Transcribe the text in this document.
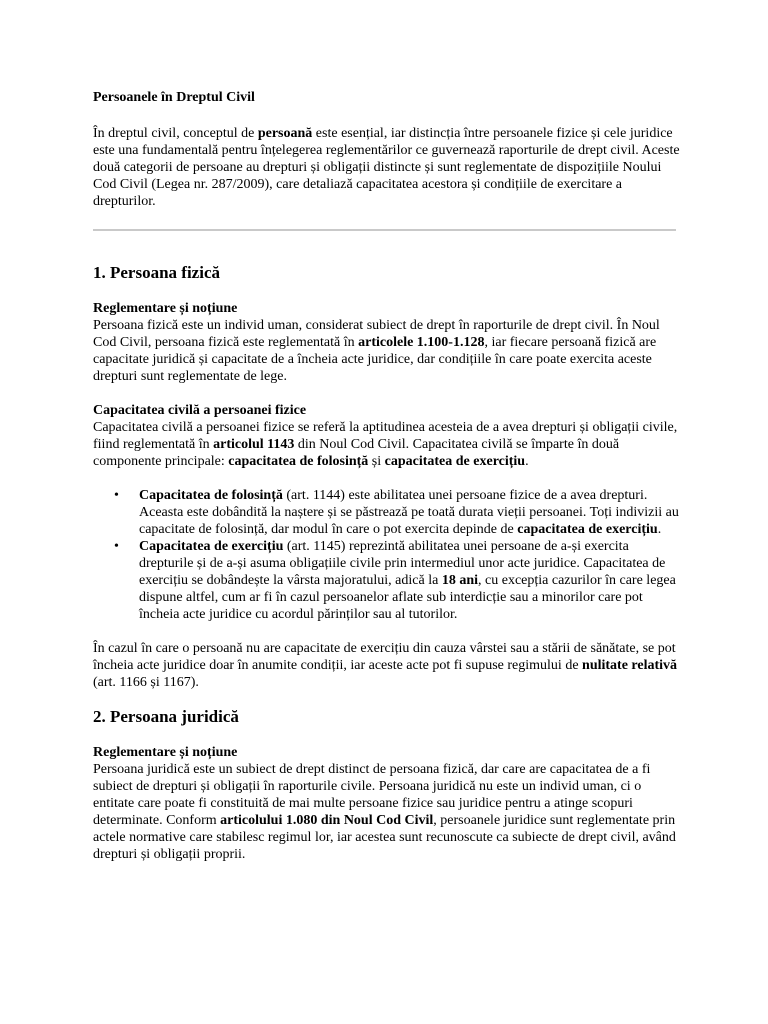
Persoanele în Dreptul Civil

În dreptul civil, conceptul de persoană este esențial, iar distincția între persoanele fizice și cele juridice este una fundamentală pentru înțelegerea reglementărilor ce guvernează raporturile de drept civil. Aceste două categorii de persoane au drepturi și obligații distincte și sunt reglementate de dispozițiile Noului Cod Civil (Legea nr. 287/2009), care detaliază capacitatea acestora și condițiile de exercitare a drepturilor.

1. Persoana fizică
Reglementare și noțiune

Persoana fizică este un individ uman, considerat subiect de drept în raporturile de drept civil. În Noul Cod Civil, persoana fizică este reglementată în articolele 1.100-1.128, iar fiecare persoană fizică are capacitate juridică și capacitate de a încheia acte juridice, dar condițiile în care poate exercita aceste drepturi sunt reglementate de lege.

Capacitatea civilă a persoanei fizice

Capacitatea civilă a persoanei fizice se referă la aptitudinea acesteia de a avea drepturi și obligații civile, fiind reglementată în articolul 1143 din Noul Cod Civil. Capacitatea civilă se împarte în două componente principale: capacitatea de folosință și capacitatea de exercițiu.

• Capacitatea de folosință (art. 1144) este abilitatea unei persoane fizice de a avea drepturi. Aceasta este dobândită la naștere și se păstrează pe toată durata vieții persoanei. Toți indivizii au capacitate de folosință, dar modul în care o pot exercita depinde de capacitatea de exercițiu.
• Capacitatea de exercițiu (art. 1145) reprezintă abilitatea unei persoane de a-și exercita drepturile și de a-și asuma obligațiile civile prin intermediul unor acte juridice. Capacitatea de exercițiu se dobândește la vârsta majoratului, adică la 18 ani, cu excepția cazurilor în care legea dispune altfel, cum ar fi în cazul persoanelor aflate sub interdicție sau a minorilor care pot încheia acte juridice cu acordul părinților sau al tutorilor.

În cazul în care o persoană nu are capacitate de exercițiu din cauza vârstei sau a stării de sănătate, se pot încheia acte juridice doar în anumite condiții, iar aceste acte pot fi supuse regimului de nulitate relativă (art. 1166 și 1167).

2. Persoana juridică
Reglementare și noțiune

Persoana juridică este un subiect de drept distinct de persoana fizică, dar care are capacitatea de a fi subiect de drepturi și obligații în raporturile civile. Persoana juridică nu este un individ uman, ci o entitate care poate fi constituită de mai multe persoane fizice sau juridice pentru a atinge scopuri determinate. Conform articolului 1.080 din Noul Cod Civil, persoanele juridice sunt reglementate prin actele normative care stabilesc regimul lor, iar acestea sunt recunoscute ca subiecte de drept civil, având drepturi și obligații proprii.
